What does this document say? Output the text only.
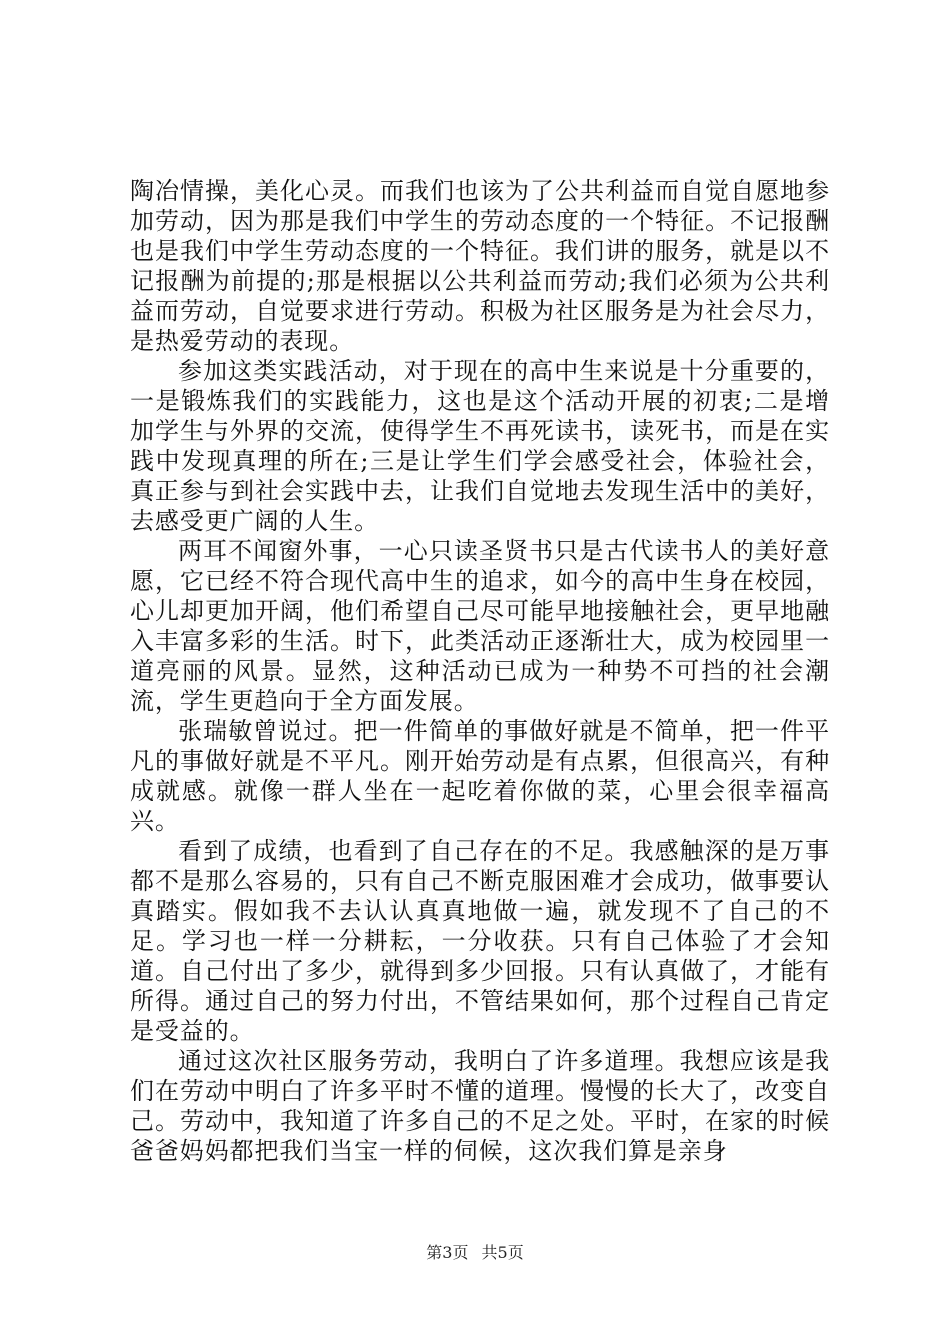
陶冶情操，美化心灵。而我们也该为了公共利益而自觉自愿地参加劳动，因为那是我们中学生的劳动态度的一个特征。不记报酬也是我们中学生劳动态度的一个特征。我们讲的服务，就是以不记报酬为前提的;那是根据以公共利益而劳动;我们必须为公共利益而劳动，自觉要求进行劳动。积极为社区服务是为社会尽力，是热爱劳动的表现。

参加这类实践活动，对于现在的高中生来说是十分重要的，一是锻炼我们的实践能力，这也是这个活动开展的初衷;二是增加学生与外界的交流，使得学生不再死读书，读死书，而是在实践中发现真理的所在;三是让学生们学会感受社会，体验社会，真正参与到社会实践中去，让我们自觉地去发现生活中的美好，去感受更广阔的人生。

两耳不闻窗外事，一心只读圣贤书只是古代读书人的美好意愿，它已经不符合现代高中生的追求，如今的高中生身在校园，心儿却更加开阔，他们希望自己尽可能早地接触社会，更早地融入丰富多彩的生活。时下，此类活动正逐渐壮大，成为校园里一道亮丽的风景。显然，这种活动已成为一种势不可挡的社会潮流，学生更趋向于全方面发展。

张瑞敏曾说过。把一件简单的事做好就是不简单，把一件平凡的事做好就是不平凡。刚开始劳动是有点累，但很高兴，有种成就感。就像一群人坐在一起吃着你做的菜，心里会很幸福高兴。

看到了成绩，也看到了自己存在的不足。我感触深的是万事都不是那么容易的，只有自己不断克服困难才会成功，做事要认真踏实。假如我不去认认真真地做一遍，就发现不了自己的不足。学习也一样一分耕耘，一分收获。只有自己体验了才会知道。自己付出了多少，就得到多少回报。只有认真做了，才能有所得。通过自己的努力付出，不管结果如何，那个过程自己肯定是受益的。

通过这次社区服务劳动，我明白了许多道理。我想应该是我们在劳动中明白了许多平时不懂的道理。慢慢的长大了，改变自己。劳动中，我知道了许多自己的不足之处。平时，在家的时候爸爸妈妈都把我们当宝一样的伺候，这次我们算是亲身

第3页 共5页
